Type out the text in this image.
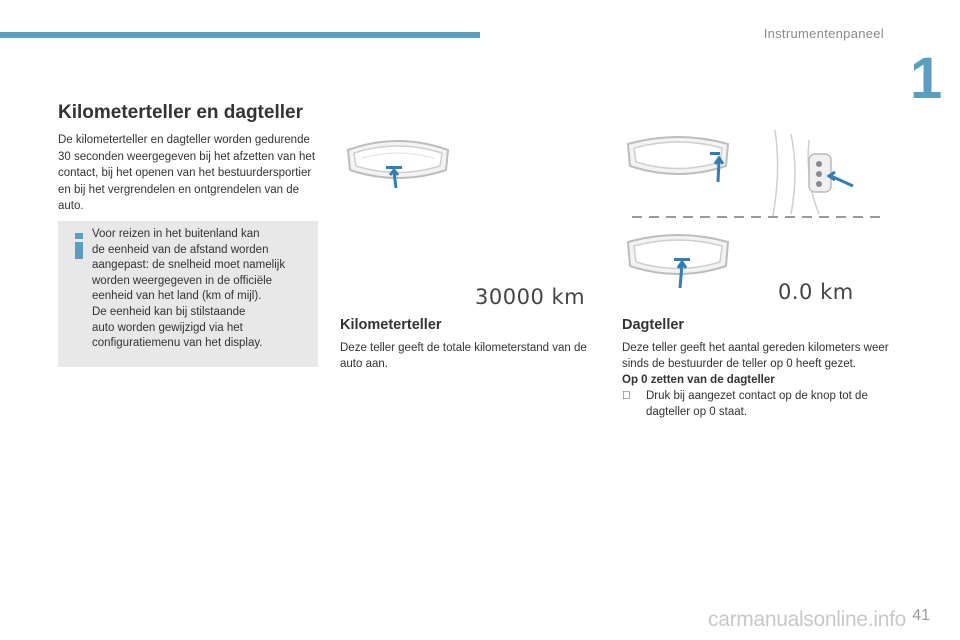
Instrumentenpaneel
1
Kilometerteller en dagteller
De kilometerteller en dagteller worden gedurende 30 seconden weergegeven bij het afzetten van het contact, bij het openen van het bestuurdersportier en bij het vergrendelen en ontgrendelen van de auto.
Voor reizen in het buitenland kan
de eenheid van de afstand worden
aangepast: de snelheid moet namelijk
worden weergegeven in de officiële
eenheid van het land (km of mijl).
De eenheid kan bij stilstaande
auto worden gewijzigd via het
configuratiemenu van het display.
30000 km	0.0 km
Kilometerteller
Deze teller geeft de totale kilometerstand van de auto aan.
Dagteller
Deze teller geeft het aantal gereden kilometers weer sinds de bestuurder de teller op 0 heeft gezet.
Op 0 zetten van de dagteller
Druk bij aangezet contact op de knop tot de dagteller op 0 staat.
carmanualsonline.info 41
